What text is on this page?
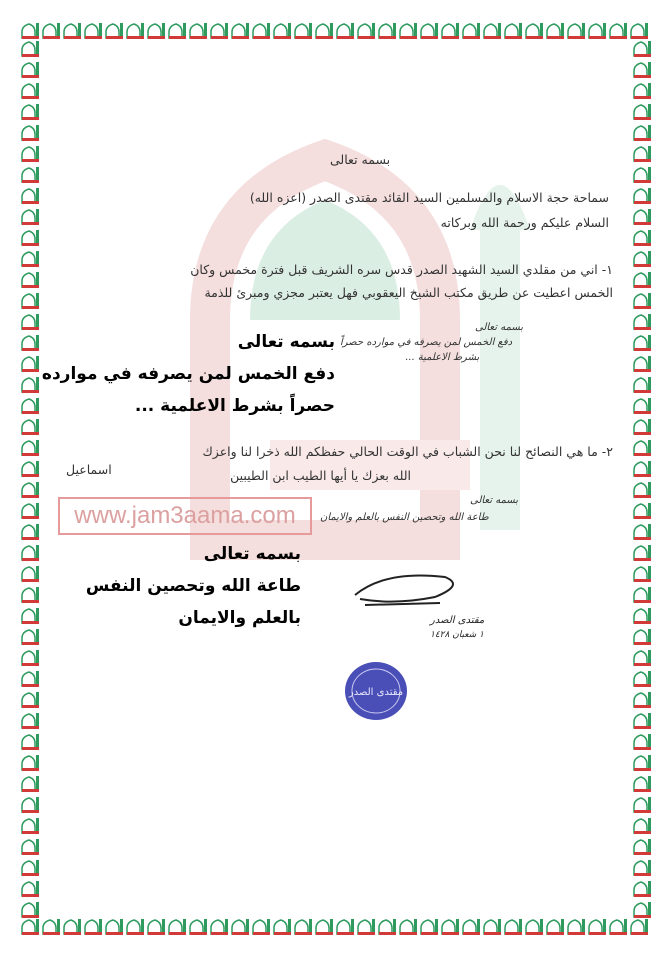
www.jam3aama.com
بسمه تعالى
سماحة حجة الاسلام والمسلمين السيد القائد مقتدى الصدر (اعزه الله)
السلام عليكم ورحمة الله وبركاته
١- اني من مقلدي السيد الشهيد الصدر قدس سره الشريف قبل فترة مخمس وكان
الخمس اعطيت عن طريق مكتب الشيخ اليعقوبي فهل يعتبر مجزي ومبرئ للذمة
بسمه تعالى
دفع الخمس لمن يصرفه في موارده حصراً
بشرط الاعلمية ...
بسمه تعالى
دفع الخمس لمن يصرفه في موارده
حصراً بشرط الاعلمية ...
٢- ما هي النصائح لنا نحن الشباب في الوقت الحالي حفظكم الله ذخرا لنا واعزك
الله بعزك يا أيها الطيب ابن الطيبين
اسماعيل
بسمه تعالى
طاعة الله وتحصين النفس بالعلم والايمان
بسمه تعالى
طاعة الله وتحصين النفس
بالعلم والايمان	مقتدى الصدر
١ شعبان ١٤٢٨
مقتدى الصدر
